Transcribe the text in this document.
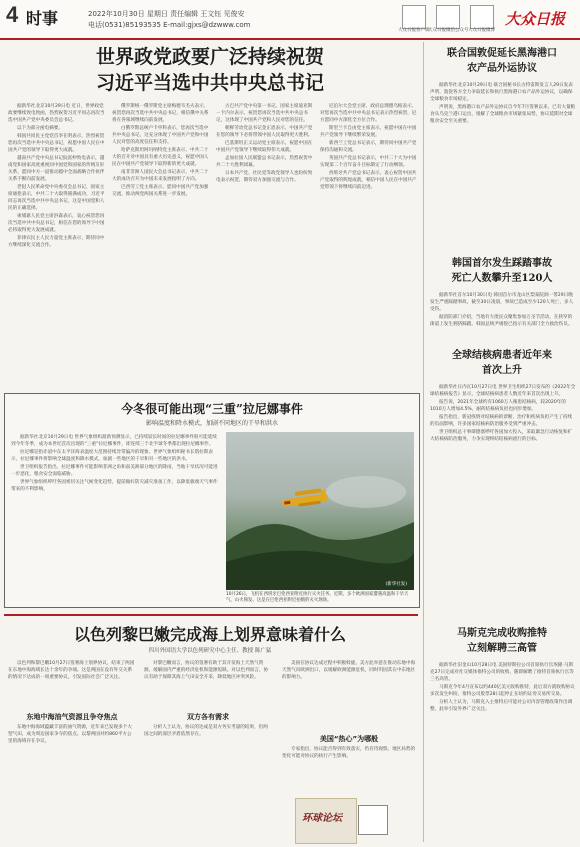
4 时事	2022年10月30日 星期日 责任编辑 王文钰 见俊安
电话(0531)85193535 E-mail:gjxs@dzwww.com
大众日报客户端
大众日报微信公众号 大众日报微博
大众日报
世界政党政要广泛持续祝贺
习近平当选中共中央总书记

据新华社北京10月29日电 近日，世界政党政要继续致电致函，热烈祝贺习近平同志再次当选中国共产党中央委员会总书记。

以下为部分函电摘要。

韩国共同民主党党首李在明表示，热烈祝贺您再次当选中共中央总书记，祝愿中国人民在中国共产党的领导下取得更大成就。

越南共产党中央总书记阮富仲致电表示，越南党和国家高度重视同中国党和国家的传统友好关系，愿同中方一道推动越中全面战略合作伙伴关系不断向前发展。

老挝人民革命党中央委员会总书记、国家主席通伦表示，中共二十大取得圆满成功，习近平同志再次当选中共中央总书记，这是中国党和人民的正确选择。

柬埔寨人民党主席洪森表示，衷心祝贺您再次当选中共中央总书记，相信在您的领导下中国必将取得更大发展成就。

菲律宾民主人民力量党主席表示，期待同中方继续深化交流合作。

俄罗斯统一俄罗斯党主席梅德韦杰夫表示，祝贺您再次当选中共中央总书记，相信俄中关系将在各领域继续向前发展。

白俄罗斯总统卢卡申科表示，您再次当选中共中央总书记，这充分体现了中国共产党和中国人民对您的高度信任和支持。

哈萨克斯坦阿玛纳特党主席表示，中共二十大的召开对中国具有重大历史意义，祝愿中国人民在中国共产党领导下取得新的更大成就。

南非非洲人国民大会总书记表示，中共二十大的成功召开为中国未来发展指明了方向。

巴西劳工党主席表示，愿同中国共产党加强交流，推动两党两国关系进一步发展。

古巴共产党中央第一书记、国家主席迪亚斯－卡内尔表示，祝贺您再次当选中共中央总书记，这体现了中国共产党和人民对您的信任。

朝鲜劳动党总书记金正恩表示，中国共产党在您的领导下必将带领中国人民取得更大胜利。

巴基斯坦正义运动党主席表示，祝愿中国在中国共产党领导下继续取得伟大成就。

孟加拉国人民联盟总书记表示，热烈祝贺中共二十大胜利闭幕。

日本共产党、社民党等政党领导人也纷纷致电表示祝贺，期待双方加强交流与合作。

尼泊尔大会党主席、政府总理德乌帕表示，对您再次当选中共中央总书记表示热烈祝贺，尼方愿同中方深化全方位合作。

斯里兰卡自由党主席表示，祝愿中国在中国共产党领导下继续繁荣发展。

新西兰工党总书记表示，期待同中国共产党保持沟通和交流。

英国共产党总书记表示，中共二十大为中国实现第二个百年奋斗目标制定了行动纲领。

西班牙共产党总书记表示，衷心祝贺中国共产党取得的辉煌成就，相信中国人民在中国共产党带领下将继续向前迈进。

联合国敦促延长黑海港口
农产品外运协议

据新华社北京10月29日电 联合国秘书长古特雷斯发言人29日发表声明，敦促各方全力争取延长和执行黑海港口农产品外运协议，以确保全球粮食市场稳定。

声明说，黑海港口农产品外运协议自今年7月签署以来，已有大量粮食从乌克兰港口运出，缓解了全球粮食市场紧张局势，协议延期对全球粮食安全至关重要。

韩国首尔发生踩踏事故
死亡人数攀升至120人

据新华社首尔10月30日电 韩国首尔市龙山区梨泰院洞一带29日晚发生严重踩踏事故。截至30日凌晨，事故已造成至少120人死亡、多人受伤。

据消防部门介绍，当地有大批民众聚集参加万圣节活动，在狭窄的街道上发生拥挤踩踏。韩国总统尹锡悦已指示有关部门全力救治伤员。

全球结核病患者近年来
首次上升

据新华社日内瓦10月27日电 世界卫生组织27日发布的《2022年全球结核病报告》显示，全球结核病患者人数近年来首次出现上升。

报告说，2021年全球约有1060万人罹患结核病，较2020年的1010万人增加4.5%，耐药结核病负担也同步增加。

报告指出，新冠疫情对结核病的诊断、治疗和疾病负担产生了持续的负面影响，许多国家结核病防治服务受到严重冲击。

世卫组织总干事谭德塞呼吁各国加大投入，采取紧急行动恢复和扩大结核病防治服务，力争实现终结结核病流行的目标。

马斯克完成收购推特
立刻解聘三高管

据新华社旧金山10月28日电 美国特斯拉公司首席执行官埃隆·马斯克27日完成对社交媒体推特公司的收购，随即解聘了推特首席执行官等三名高管。

马斯克今年4月宣布以约440亿美元收购推特，此后双方就收购协议多次发生纠纷。推特公司股票28日起停止在纽约证券交易所交易。

分析人士认为，马斯克入主推特后可能对公司内容管理政策作出调整，此举引发外界广泛关注。

今冬很可能出现“三重”拉尼娜事件
影响温度和降水模式，加剧不同地区的干旱和洪水

据新华社北京10月29日电 世界气象组织最新预测显示，已持续较长时间的拉尼娜事件很可能延续到今年冬季，成为本世纪首次出现的“三重”拉尼娜事件，即连续三个北半球冬季都出现拉尼娜事件。

拉尼娜是指赤道中东太平洋海表温度大范围持续异常偏冷的现象。世界气象组织秘书长塔拉斯表示，拉尼娜事件将影响全球温度和降水模式，加剧一些地区的干旱和另一些地区的洪水。

世卫组织报告指出，拉尼娜事件可能影响非洲之角和南美洲部分地区的降雨，当地干旱状况可能进一步恶化，粮食安全面临威胁。

世界气象组织呼吁各国密切关注气候变化趋势，提前做好防灾减灾准备工作，以降低极端天气事件带来的不利影响。

(新华社发)
10月26日，飞机在西班牙巴伦西亚附近执行灭火任务。近期，多个欧洲国家遭遇高温和干旱天气，山火频发。这是在巴伦西亚附近拍摄的灭火现场。
以色列黎巴嫩完成海上划界意味着什么
四川外国语大学以色列研究中心主任、教授 陈广猛

以色列和黎巴嫩10月27日签署海上划界协议，结束了两国在东地中海海域长达十余年的争端。这是两国在没有外交关系的情况下达成的一项重要协议，引发国际社会广泛关注。

东地中海油气资源且争夺焦点

东地中海海域蕴藏丰富的油气资源，近年来已发现多个大型气田，成为周边国家争夺的焦点。以黎两国对约860平方公里的海域存在争议。

双方各有需求

对黎巴嫩而言，协议的签署有助于其开发海上天然气资源，缓解国内严重的经济危机和能源短缺。对以色列而言，协议有助于保障其海上气田安全开采，降低地区冲突风险。

分析人士认为，协议的达成是双方务实考量的结果，但两国之间的深层矛盾依然存在。

美国在协议达成过程中积极斡旋。美方此举意在推动东地中海天然气向欧洲出口，以缓解欧洲能源危机，同时巩固其在中东地区的影响力。

美国“热心”为哪般

专家指出，协议能否得到有效落实，仍有待观察。地区局势的变化可能对协议的执行产生影响。

环球论坛
